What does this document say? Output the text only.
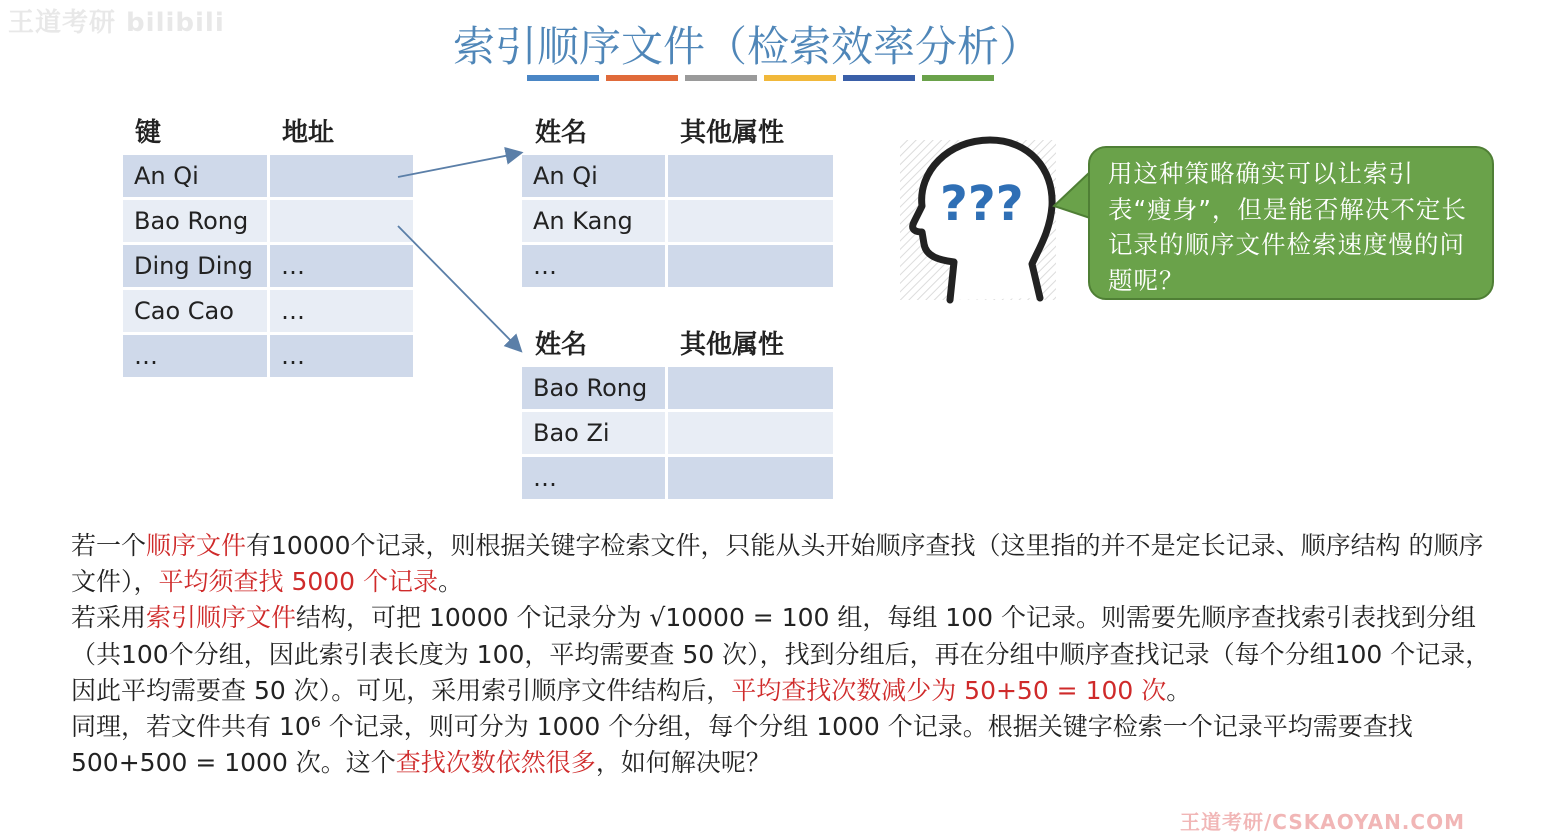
王道考研 bilibili	索引顺序文件（检索效率分析）
键	地址
An Qi	
Bao Rong	
Ding Ding	…
Cao Cao	…
…	…
姓名	其他属性
An Qi	
An Kang	
…	
姓名	其他属性
Bao Rong	
Bao Zi	
…	
???
用这种策略确实可以让索引表“瘦身”，但是能否解决不定长记录的顺序文件检索速度慢的问题呢？

若一个顺序文件有10000个记录，则根据关键字检索文件，只能从头开始顺序查找（这里指的并不是定长记录、顺序结构 的顺序文件），平均须查找 5000 个记录。

若采用索引顺序文件结构，可把 10000 个记录分为 √10000 = 100 组，每组 100 个记录。则需要先顺序查找索引表找到分组（共100个分组，因此索引表长度为 100，平均需要查 50 次），找到分组后，再在分组中顺序查找记录（每个分组100 个记录，因此平均需要查 50 次）。可见，采用索引顺序文件结构后，平均查找次数减少为 50+50 = 100 次。

同理，若文件共有 10⁶ 个记录，则可分为 1000 个分组，每个分组 1000 个记录。根据关键字检索一个记录平均需要查找 500+500 = 1000 次。这个查找次数依然很多，如何解决呢？

王道考研/CSKAOYAN.COM
